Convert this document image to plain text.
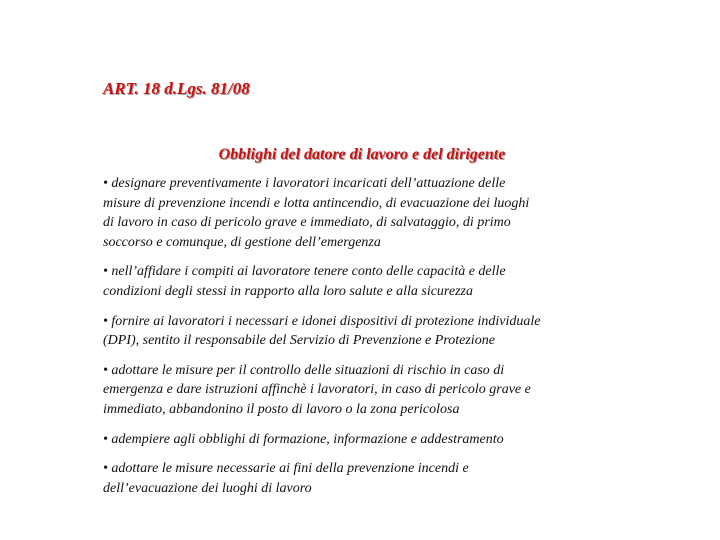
ART. 18 d.Lgs. 81/08
Obblighi del datore di lavoro e del dirigente
• designare preventivamente i lavoratori incaricati dell’attuazione delle
misure di prevenzione incendi e lotta antincendio, di evacuazione dei luoghi
di lavoro in caso di pericolo grave e immediato, di salvataggio, di primo
soccorso e comunque, di gestione dell’emergenza
• nell’affidare i compiti ai lavoratore tenere conto delle capacità e delle
condizioni degli stessi in rapporto alla loro salute e alla sicurezza
• fornire ai lavoratori i necessari e idonei dispositivi di protezione individuale
(DPI), sentito il responsabile del Servizio di Prevenzione e Protezione
• adottare le misure per il controllo delle situazioni di rischio in caso di
emergenza e dare istruzioni affinchè i lavoratori, in caso di pericolo grave e
immediato, abbandonino il posto di lavoro o la zona pericolosa
• adempiere agli obblighi di formazione, informazione e addestramento
• adottare le misure necessarie ai fini della prevenzione incendi e
dell’evacuazione dei luoghi di lavoro
